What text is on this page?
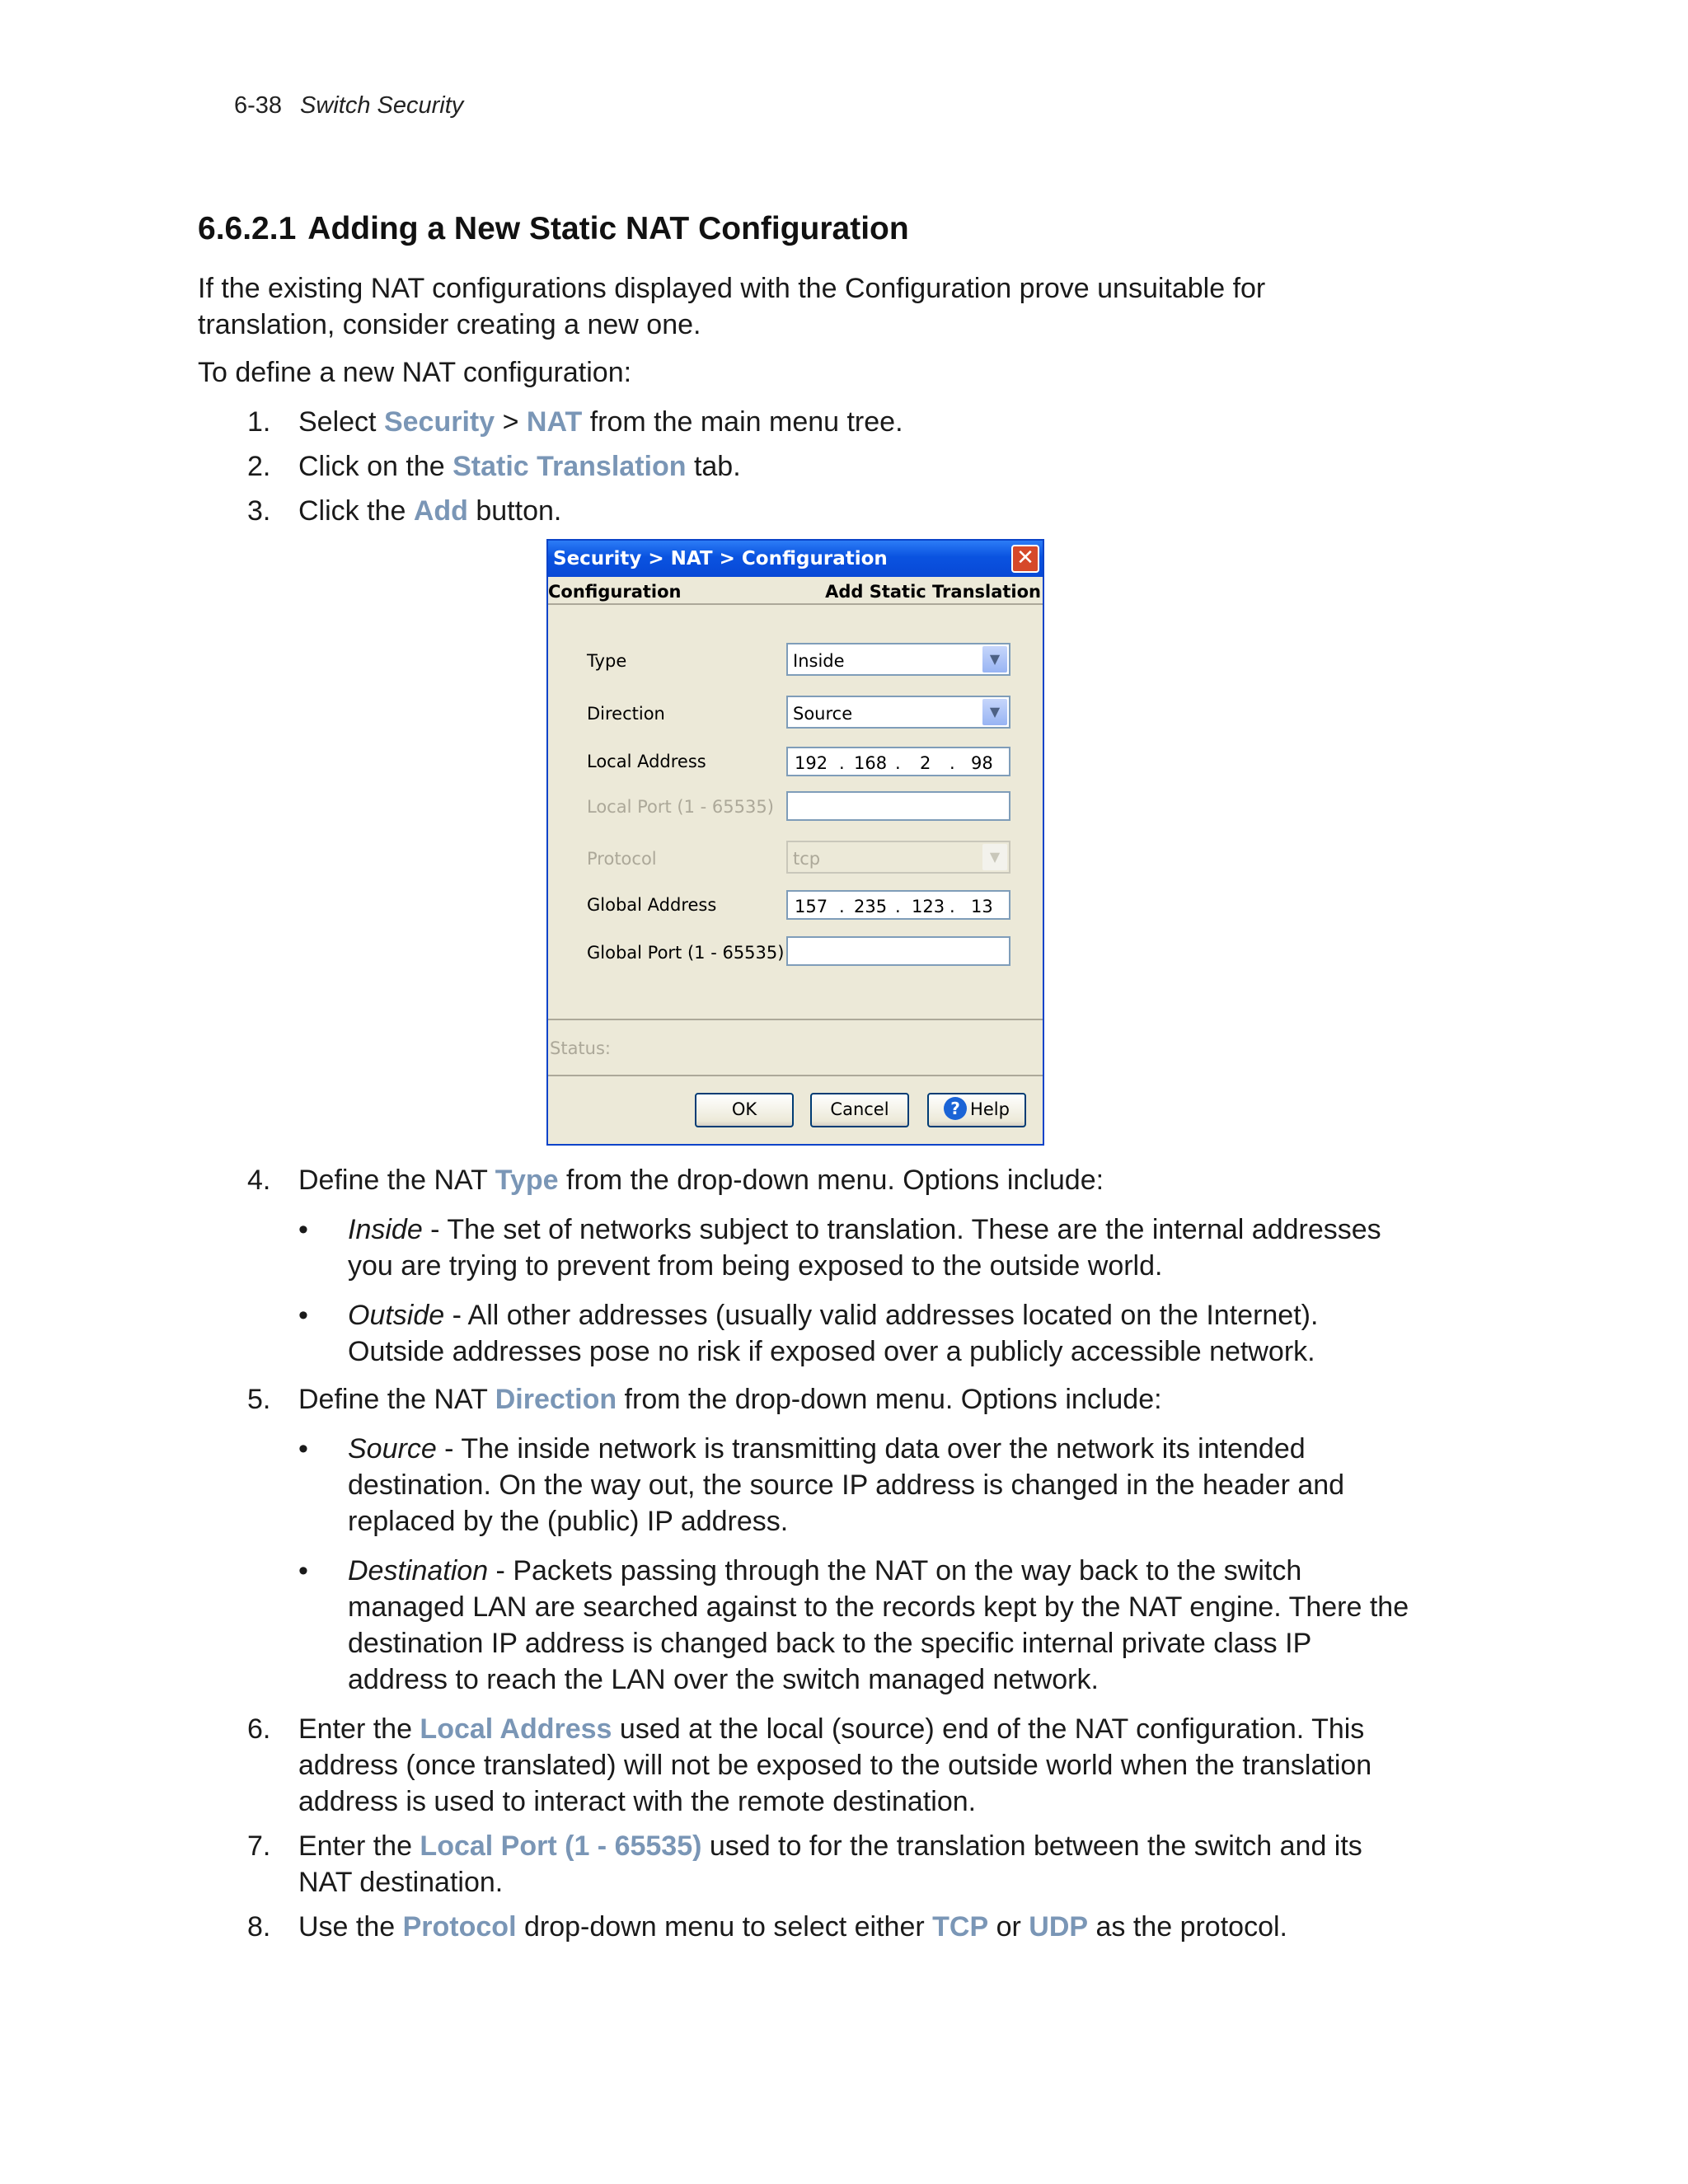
6-38 Switch Security
6.6.2.1 Adding a New Static NAT Configuration

If the existing NAT configurations displayed with the Configuration prove unsuitable for translation, consider creating a new one.

To define a new NAT configuration:

1. Select Security > NAT from the main menu tree.
2. Click on the Static Translation tab.
3. Click the Add button.
Security > NAT > Configuration	✕
Configuration	Add Static Translation
Type	Inside	▼
Direction	Source	▼
Local Address	192 . 168 . 2 . 98
Local Port (1 - 65535)
Protocol	tcp	▼
Global Address	157 . 235 . 123 . 13
Global Port (1 - 65535)
Status:
OK	Cancel	? Help
4. Define the NAT Type from the drop-down menu. Options include:
• Inside - The set of networks subject to translation. These are the internal addresses you are trying to prevent from being exposed to the outside world.
• Outside - All other addresses (usually valid addresses located on the Internet). Outside addresses pose no risk if exposed over a publicly accessible network.
5. Define the NAT Direction from the drop-down menu. Options include:
• Source - The inside network is transmitting data over the network its intended destination. On the way out, the source IP address is changed in the header and replaced by the (public) IP address.
• Destination - Packets passing through the NAT on the way back to the switch managed LAN are searched against to the records kept by the NAT engine. There the destination IP address is changed back to the specific internal private class IP address to reach the LAN over the switch managed network.
6. Enter the Local Address used at the local (source) end of the NAT configuration. This address (once translated) will not be exposed to the outside world when the translation address is used to interact with the remote destination.
7. Enter the Local Port (1 - 65535) used to for the translation between the switch and its NAT destination.
8. Use the Protocol drop-down menu to select either TCP or UDP as the protocol.
